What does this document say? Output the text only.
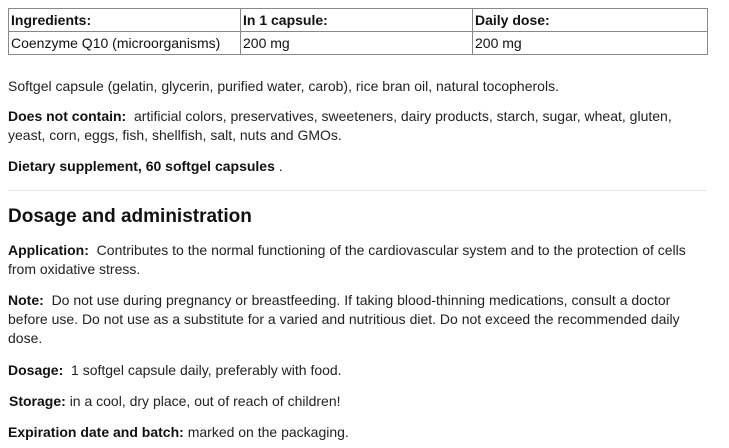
Ingredients:	In 1 capsule:	Daily dose:
Coenzyme Q10 (microorganisms)	200 mg	200 mg

Softgel capsule (gelatin, glycerin, purified water, carob), rice bran oil, natural tocopherols.

Does not contain: artificial colors, preservatives, sweeteners, dairy products, starch, sugar, wheat, gluten, yeast, corn, eggs, fish, shellfish, salt, nuts and GMOs.

Dietary supplement, 60 softgel capsules .

Dosage and administration

Application: Contributes to the normal functioning of the cardiovascular system and to the protection of cells from oxidative stress.

Note: Do not use during pregnancy or breastfeeding. If taking blood-thinning medications, consult a doctor before use. Do not use as a substitute for a varied and nutritious diet. Do not exceed the recommended daily dose.

Dosage: 1 softgel capsule daily, preferably with food.

Storage: in a cool, dry place, out of reach of children!

Expiration date and batch: marked on the packaging.
